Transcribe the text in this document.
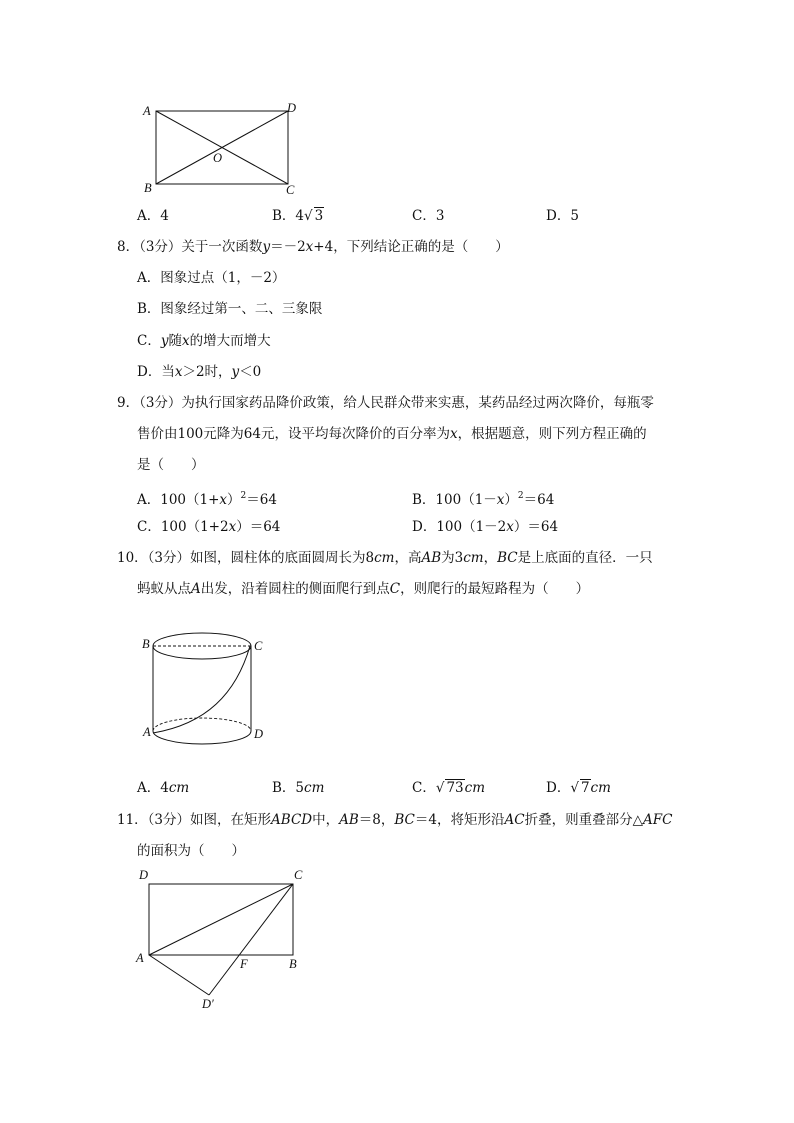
A	D
O
B	C
A．4	B．4√ 3	C．3	D．5
8．（3分）关于一次函数y＝－2x+4，下列结论正确的是（　　）
A．图象过点（1，－2）
B．图象经过第一、二、三象限
C．y随x的增大而增大
D．当x＞2时，y＜0
9．（3分）为执行国家药品降价政策，给人民群众带来实惠，某药品经过两次降价，每瓶零
售价由100元降为64元，设平均每次降价的百分率为x，根据题意，则下列方程正确的
是（　　）
A．$100(1+x)^2=64$	B．$100(1-x)^2=64$
C．100（1+2x）＝64	D．100（1－2x）＝64
10．（3分）如图，圆柱体的底面圆周长为8cm，高AB为3cm，BC是上底面的直径．一只
蚂蚁从点A出发，沿着圆柱的侧面爬行到点C，则爬行的最短路程为（　　）
B	C
A	D
A．4cm	B．5cm	C．√ 73cm	D．√ 7cm
11．（3分）如图，在矩形ABCD中，AB＝8，BC＝4，将矩形沿AC折叠，则重叠部分△AFC
的面积为（　　）
D	C
A	F	B
D′
